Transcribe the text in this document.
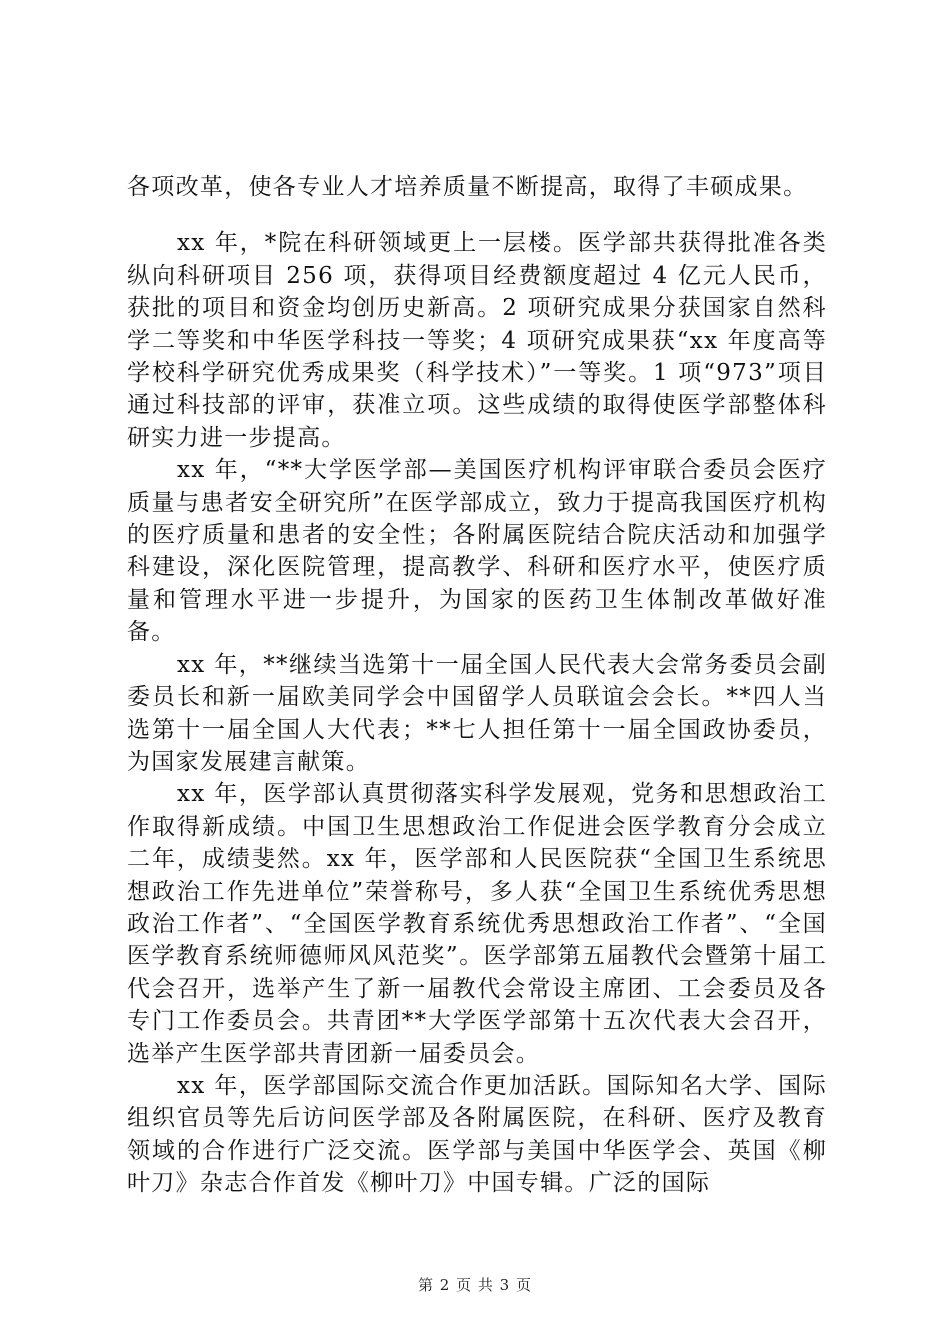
各项改革，使各专业人才培养质量不断提高，取得了丰硕成果。

xx 年，*院在科研领域更上一层楼。医学部共获得批准各类纵向科研项目 256 项，获得项目经费额度超过 4 亿元人民币，获批的项目和资金均创历史新高。2 项研究成果分获国家自然科学二等奖和中华医学科技一等奖；4 项研究成果获“xx 年度高等学校科学研究优秀成果奖（科学技术）”一等奖。1 项“973”项目通过科技部的评审，获准立项。这些成绩的取得使医学部整体科研实力进一步提高。

xx 年，“**大学医学部—美国医疗机构评审联合委员会医疗质量与患者安全研究所”在医学部成立，致力于提高我国医疗机构的医疗质量和患者的安全性；各附属医院结合院庆活动和加强学科建设，深化医院管理，提高教学、科研和医疗水平，使医疗质量和管理水平进一步提升，为国家的医药卫生体制改革做好准备。

xx 年，**继续当选第十一届全国人民代表大会常务委员会副委员长和新一届欧美同学会中国留学人员联谊会会长。**四人当选第十一届全国人大代表；**七人担任第十一届全国政协委员，为国家发展建言献策。

xx 年，医学部认真贯彻落实科学发展观，党务和思想政治工作取得新成绩。中国卫生思想政治工作促进会医学教育分会成立二年，成绩斐然。xx 年，医学部和人民医院获“全国卫生系统思想政治工作先进单位”荣誉称号，多人获“全国卫生系统优秀思想政治工作者”、“全国医学教育系统优秀思想政治工作者”、“全国医学教育系统师德师风风范奖”。医学部第五届教代会暨第十届工代会召开，选举产生了新一届教代会常设主席团、工会委员及各专门工作委员会。共青团**大学医学部第十五次代表大会召开，选举产生医学部共青团新一届委员会。

xx 年，医学部国际交流合作更加活跃。国际知名大学、国际组织官员等先后访问医学部及各附属医院，在科研、医疗及教育领域的合作进行广泛交流。医学部与美国中华医学会、英国《柳叶刀》杂志合作首发《柳叶刀》中国专辑。广泛的国际

第 2 页 共 3 页
